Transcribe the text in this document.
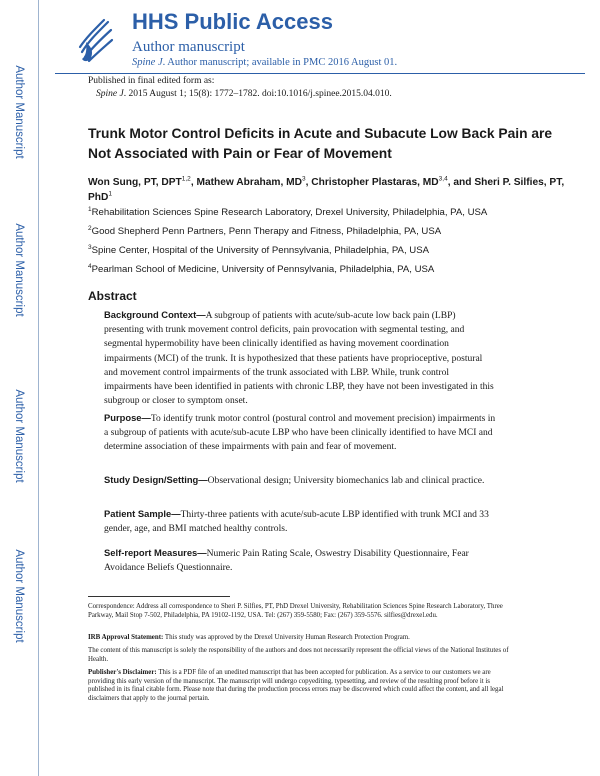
Author Manuscript
Author Manuscript
Author Manuscript
Author Manuscript
HHS Public Access
Author manuscript
Spine J. Author manuscript; available in PMC 2016 August 01.
Published in final edited form as:
Spine J. 2015 August 1; 15(8): 1772–1782. doi:10.1016/j.spinee.2015.04.010.
Trunk Motor Control Deficits in Acute and Subacute Low Back Pain are Not Associated with Pain or Fear of Movement
Won Sung, PT, DPT$^{1,2}$, Mathew Abraham, $MD^3$, Christopher Plastaras, MD$^{3,4}$, and Sheri P. Silfies, PT, PhD$^1$
$^1$Rehabilitation Sciences Spine Research Laboratory, Drexel University, Philadelphia, PA, USA
$^2$Good Shepherd Penn Partners, Penn Therapy and Fitness, Philadelphia, PA, USA
$^3$Spine Center, Hospital of the University of Pennsylvania, Philadelphia, PA, USA
$^4$Pearlman School of Medicine, University of Pennsylvania, Philadelphia, PA, USA
Abstract
Background Context—A subgroup of patients with acute/sub-acute low back pain (LBP) presenting with trunk movement control deficits, pain provocation with segmental testing, and segmental hypermobility have been clinically identified as having movement coordination impairments (MCI) of the trunk. It is hypothesized that these patients have proprioceptive, postural and movement control impairments of the trunk associated with LBP. While, trunk control impairments have been identified in patients with chronic LBP, they have not been investigated in this subgroup or closer to symptom onset.
Purpose—To identify trunk motor control (postural control and movement precision) impairments in a subgroup of patients with acute/sub-acute LBP who have been clinically identified to have MCI and determine association of these impairments with pain and fear of movement.
Study Design/Setting—Observational design; University biomechanics lab and clinical practice.
Patient Sample—Thirty-three patients with acute/sub-acute LBP identified with trunk MCI and 33 gender, age, and BMI matched healthy controls.
Self-report Measures—Numeric Pain Rating Scale, Oswestry Disability Questionnaire, Fear Avoidance Beliefs Questionnaire.
Correspondence: Address all correspondence to Sheri P. Silfies, PT, PhD Drexel University, Rehabilitation Sciences Spine Research Laboratory, Three Parkway, Mail Stop 7-502, Philadelphia, PA 19102-1192, USA. Tel: (267) 359-5580; Fax: (267) 359-5576. silfies@drexel.edu.
IRB Approval Statement: This study was approved by the Drexel University Human Research Protection Program.
The content of this manuscript is solely the responsibility of the authors and does not necessarily represent the official views of the National Institutes of Health.
Publisher's Disclaimer: This is a PDF file of an unedited manuscript that has been accepted for publication. As a service to our customers we are providing this early version of the manuscript. The manuscript will undergo copyediting, typesetting, and review of the resulting proof before it is published in its final citable form. Please note that during the production process errors may be discovered which could affect the content, and all legal disclaimers that apply to the journal pertain.
